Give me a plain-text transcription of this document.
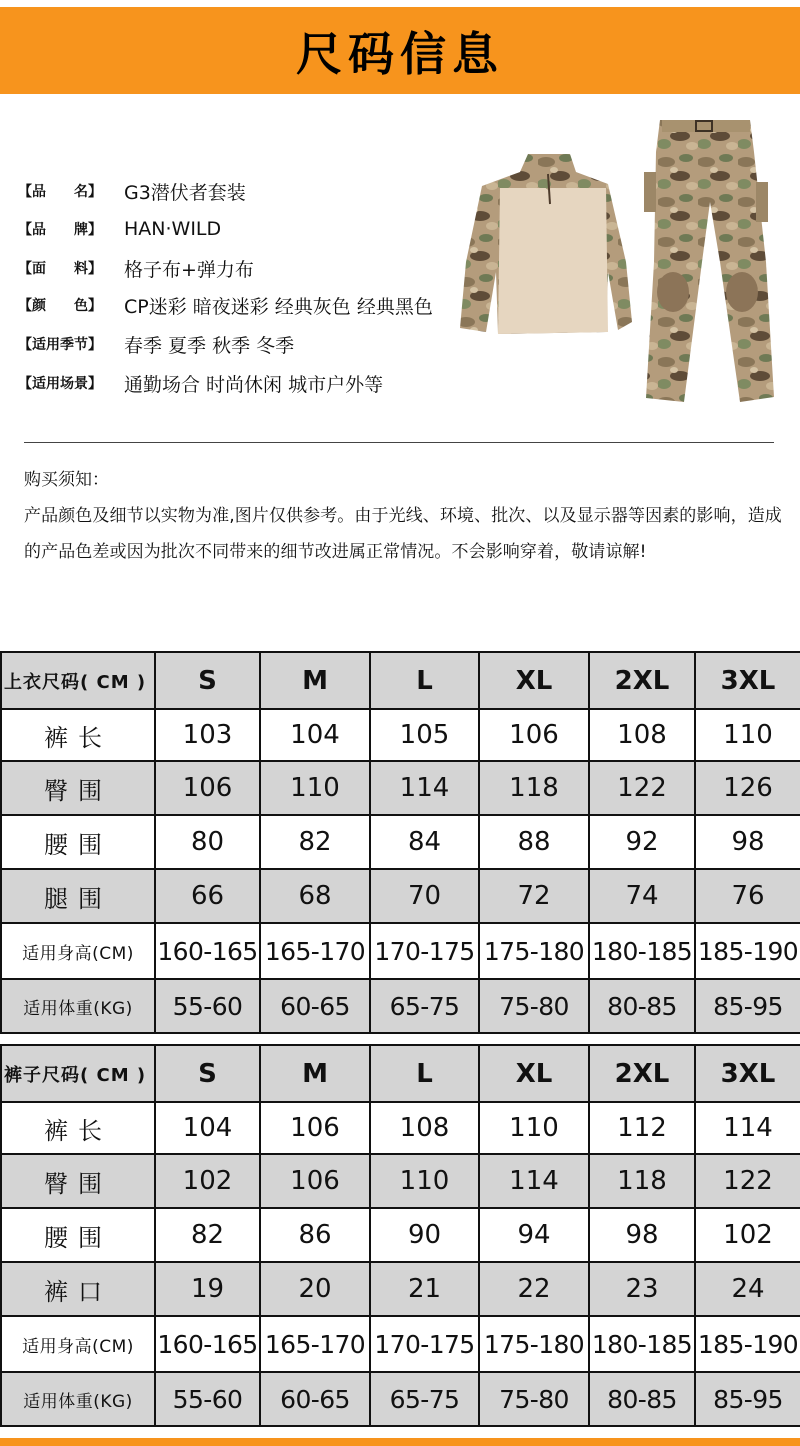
尺码信息
【品　　名】	G3潜伏者套装
【品　　牌】	HAN·WILD
【面　　料】	格子布+弹力布
【颜　　色】	CP迷彩 暗夜迷彩 经典灰色 经典黑色
【适用季节】	春季 夏季 秋季 冬季
【适用场景】	通勤场合 时尚休闲 城市户外等
购买须知：
产品颜色及细节以实物为准,图片仅供参考。由于光线、环境、批次、以及显示器等因素的影响，造成的产品色差或因为批次不同带来的细节改进属正常情况。不会影响穿着，敬请谅解!
上衣尺码( CM )	S	M	L	XL	2XL	3XL
裤长	103	104	105	106	108	110
臀围	106	110	114	118	122	126
腰围	80	82	84	88	92	98
腿围	66	68	70	72	74	76
适用身高(CM)	160-165	165-170	170-175	175-180	180-185	185-190
适用体重(KG)	55-60	60-65	65-75	75-80	80-85	85-95
裤子尺码( CM )	S	M	L	XL	2XL	3XL
裤长	104	106	108	110	112	114
臀围	102	106	110	114	118	122
腰围	82	86	90	94	98	102
裤口	19	20	21	22	23	24
适用身高(CM)	160-165	165-170	170-175	175-180	180-185	185-190
适用体重(KG)	55-60	60-65	65-75	75-80	80-85	85-95
